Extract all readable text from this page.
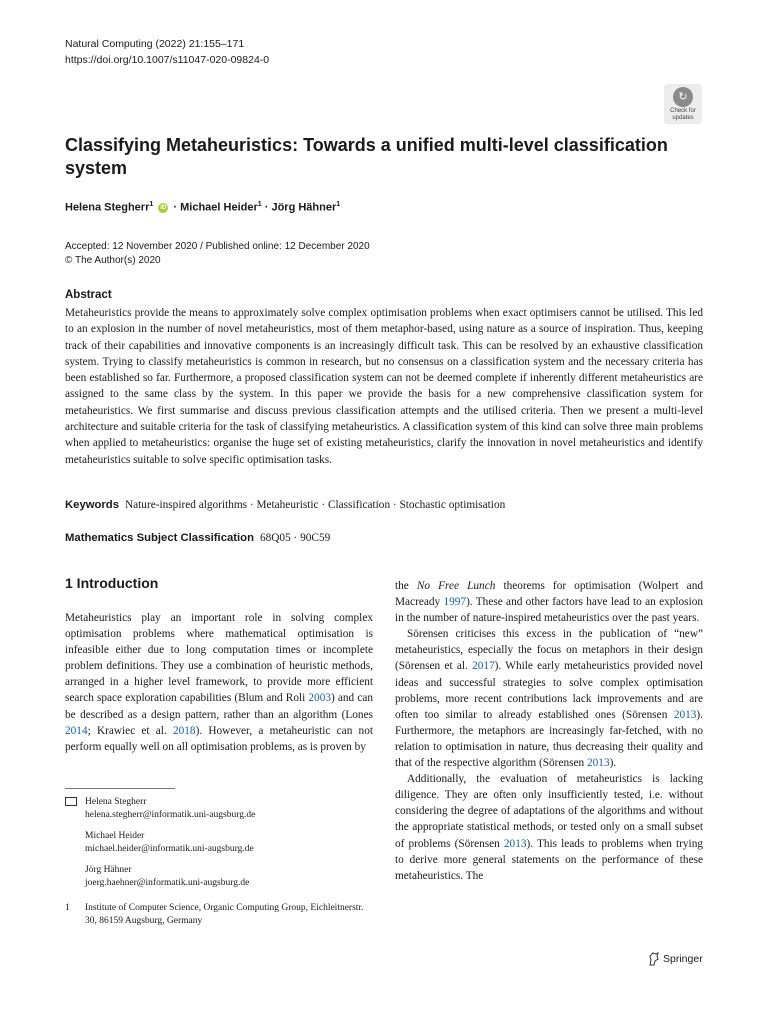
Natural Computing (2022) 21:155–171
https://doi.org/10.1007/s11047-020-09824-0
↻
Check for updates
Classifying Metaheuristics: Towards a unified multi-level classification system
Helena Stegherr$^1$ iD · Michael Heider$^1$ · Jörg Hähner$^1$
Accepted: 12 November 2020 / Published online: 12 December 2020
© The Author(s) 2020
Abstract

Metaheuristics provide the means to approximately solve complex optimisation problems when exact optimisers cannot be utilised. This led to an explosion in the number of novel metaheuristics, most of them metaphor-based, using nature as a source of inspiration. Thus, keeping track of their capabilities and innovative components is an increasingly difficult task. This can be resolved by an exhaustive classification system. Trying to classify metaheuristics is common in research, but no consensus on a classification system and the necessary criteria has been established so far. Furthermore, a proposed classification system can not be deemed complete if inherently different metaheuristics are assigned to the same class by the system. In this paper we provide the basis for a new comprehensive classification system for metaheuristics. We first summarise and discuss previous classification attempts and the utilised criteria. Then we present a multi-level architecture and suitable criteria for the task of classifying metaheuristics. A classification system of this kind can solve three main problems when applied to metaheuristics: organise the huge set of existing metaheuristics, clarify the innovation in novel metaheuristics and identify metaheuristics suitable to solve specific optimisation tasks.

Keywords Nature-inspired algorithms · Metaheuristic · Classification · Stochastic optimisation
Mathematics Subject Classification 68Q05 · 90C59
1 Introduction

Metaheuristics play an important role in solving complex optimisation problems where mathematical optimisation is infeasible either due to long computation times or incomplete problem definitions. They use a combination of heuristic methods, arranged in a higher level framework, to provide more efficient search space exploration capabilities (Blum and Roli 2003) and can be described as a design pattern, rather than an algorithm (Lones 2014; Krawiec et al. 2018). However, a metaheuristic can not perform equally well on all optimisation problems, as is proven by

the No Free Lunch theorems for optimisation (Wolpert and Macready 1997). These and other factors have lead to an explosion in the number of nature-inspired metaheuristics over the past years.

Sörensen criticises this excess in the publication of “new” metaheuristics, especially the focus on metaphors in their design (Sörensen et al. 2017). While early metaheuristics provided novel ideas and successful strategies to solve complex optimisation problems, more recent contributions lack improvements and are often too similar to already established ones (Sörensen 2013). Furthermore, the metaphors are increasingly far-fetched, with no relation to optimisation in nature, thus decreasing their quality and that of the respective algorithm (Sörensen 2013).

Additionally, the evaluation of metaheuristics is lacking diligence. They are often only insufficiently tested, i.e. without considering the degree of adaptations of the algorithms and without the appropriate statistical methods, or tested only on a small subset of problems (Sörensen 2013). This leads to problems when trying to derive more general statements on the performance of these metaheuristics. The

Helena Stegherr
helena.stegherr@informatik.uni-augsburg.de
Michael Heider
michael.heider@informatik.uni-augsburg.de
Jörg Hähner
joerg.haehner@informatik.uni-augsburg.de
1	Institute of Computer Science, Organic Computing Group, Eichleitnerstr. 30, 86159 Augsburg, Germany
Springer
